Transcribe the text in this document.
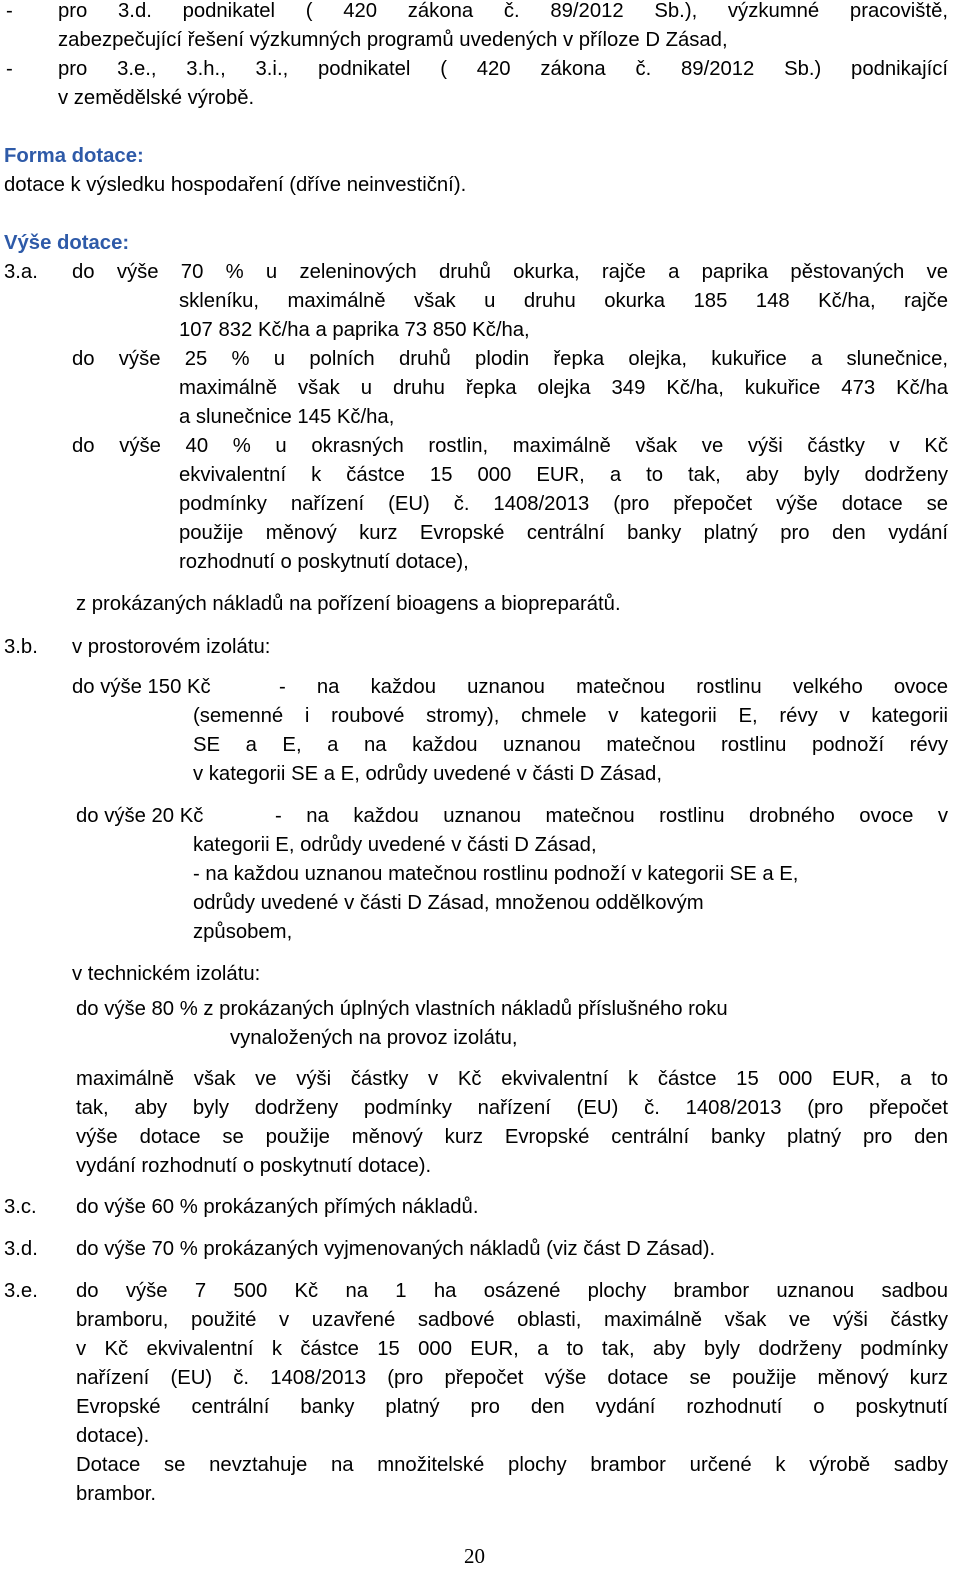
- pro 3.d. podnikatel ( 420 zákona č. 89/2012 Sb.), výzkumné pracoviště,
zabezpečující řešení výzkumných programů uvedených v příloze D Zásad,
- pro 3.e., 3.h., 3.i., podnikatel ( 420 zákona č. 89/2012 Sb.) podnikající
v zemědělské výrobě.
Forma dotace:
dotace k výsledku hospodaření (dříve neinvestiční).
Výše dotace:
3.a. do výše 70 % u zeleninových druhů okurka, rajče a paprika pěstovaných ve
skleníku, maximálně však u druhu okurka 185 148 Kč/ha, rajče
107 832 Kč/ha a paprika 73 850 Kč/ha,
do výše 25 % u polních druhů plodin řepka olejka, kukuřice a slunečnice,
maximálně však u druhu řepka olejka 349 Kč/ha, kukuřice 473 Kč/ha
a slunečnice 145 Kč/ha,
do výše 40 % u okrasných rostlin, maximálně však ve výši částky v Kč
ekvivalentní k částce 15 000 EUR, a to tak, aby byly dodrženy
podmínky nařízení (EU) č. 1408/2013 (pro přepočet výše dotace se
použije měnový kurz Evropské centrální banky platný pro den vydání
rozhodnutí o poskytnutí dotace),
z prokázaných nákladů na pořízení bioagens a biopreparátů.
3.b. v prostorovém izolátu:
do výše 150 Kč	- na každou uznanou matečnou rostlinu velkého ovoce
(semenné i roubové stromy), chmele v kategorii E, révy v kategorii
SE a E, a na každou uznanou matečnou rostlinu podnoží révy
v kategorii SE a E, odrůdy uvedené v části D Zásad,
do výše 20 Kč	- na každou uznanou matečnou rostlinu drobného ovoce v
kategorii E, odrůdy uvedené v části D Zásad,
- na každou uznanou matečnou rostlinu podnoží v kategorii SE a E,
odrůdy uvedené v části D Zásad, množenou oddělkovým
způsobem,
v technickém izolátu:
do výše 80 % z prokázaných úplných vlastních nákladů příslušného roku
vynaložených na provoz izolátu,
maximálně však ve výši částky v Kč ekvivalentní k částce 15 000 EUR, a to
tak, aby byly dodrženy podmínky nařízení (EU) č. 1408/2013 (pro přepočet
výše dotace se použije měnový kurz Evropské centrální banky platný pro den
vydání rozhodnutí o poskytnutí dotace).
3.c. do výše 60 % prokázaných přímých nákladů.
3.d. do výše 70 % prokázaných vyjmenovaných nákladů (viz část D Zásad).
3.e. do výše 7 500 Kč na 1 ha osázené plochy brambor uznanou sadbou
bramboru, použité v uzavřené sadbové oblasti, maximálně však ve výši částky
v Kč ekvivalentní k částce 15 000 EUR, a to tak, aby byly dodrženy podmínky
nařízení (EU) č. 1408/2013 (pro přepočet výše dotace se použije měnový kurz
Evropské centrální banky platný pro den vydání rozhodnutí o poskytnutí
dotace).
Dotace se nevztahuje na množitelské plochy brambor určené k výrobě sadby
brambor.
20
